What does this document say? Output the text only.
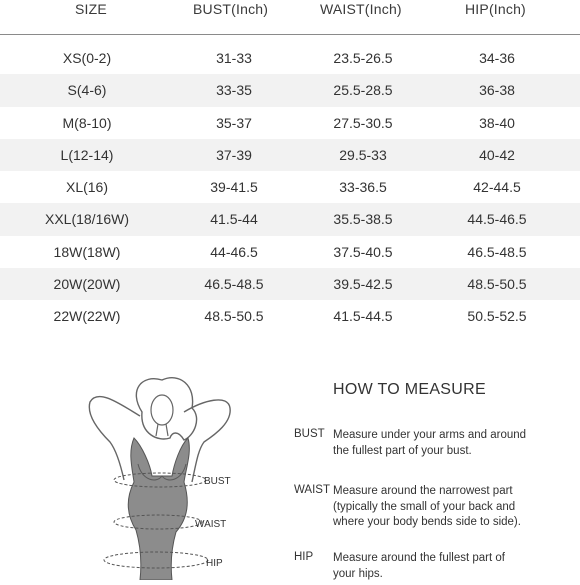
SIZE	BUST(Inch)	WAIST(Inch)	HIP(Inch)
XS(0-2)	31-33	23.5-26.5	34-36
S(4-6)	33-35	25.5-28.5	36-38
M(8-10)	35-37	27.5-30.5	38-40
L(12-14)	37-39	29.5-33	40-42
XL(16)	39-41.5	33-36.5	42-44.5
XXL(18/16W)	41.5-44	35.5-38.5	44.5-46.5
18W(18W)	44-46.5	37.5-40.5	46.5-48.5
20W(20W)	46.5-48.5	39.5-42.5	48.5-50.5
22W(22W)	48.5-50.5	41.5-44.5	50.5-52.5
BUST
WAIST
HIP
HOW TO MEASURE
BUST Measure under your arms and around
the fullest part of your bust.
WAIST Measure around the narrowest part
(typically the small of your back and
where your body bends side to side).
HIP Measure around the fullest part of
your hips.
